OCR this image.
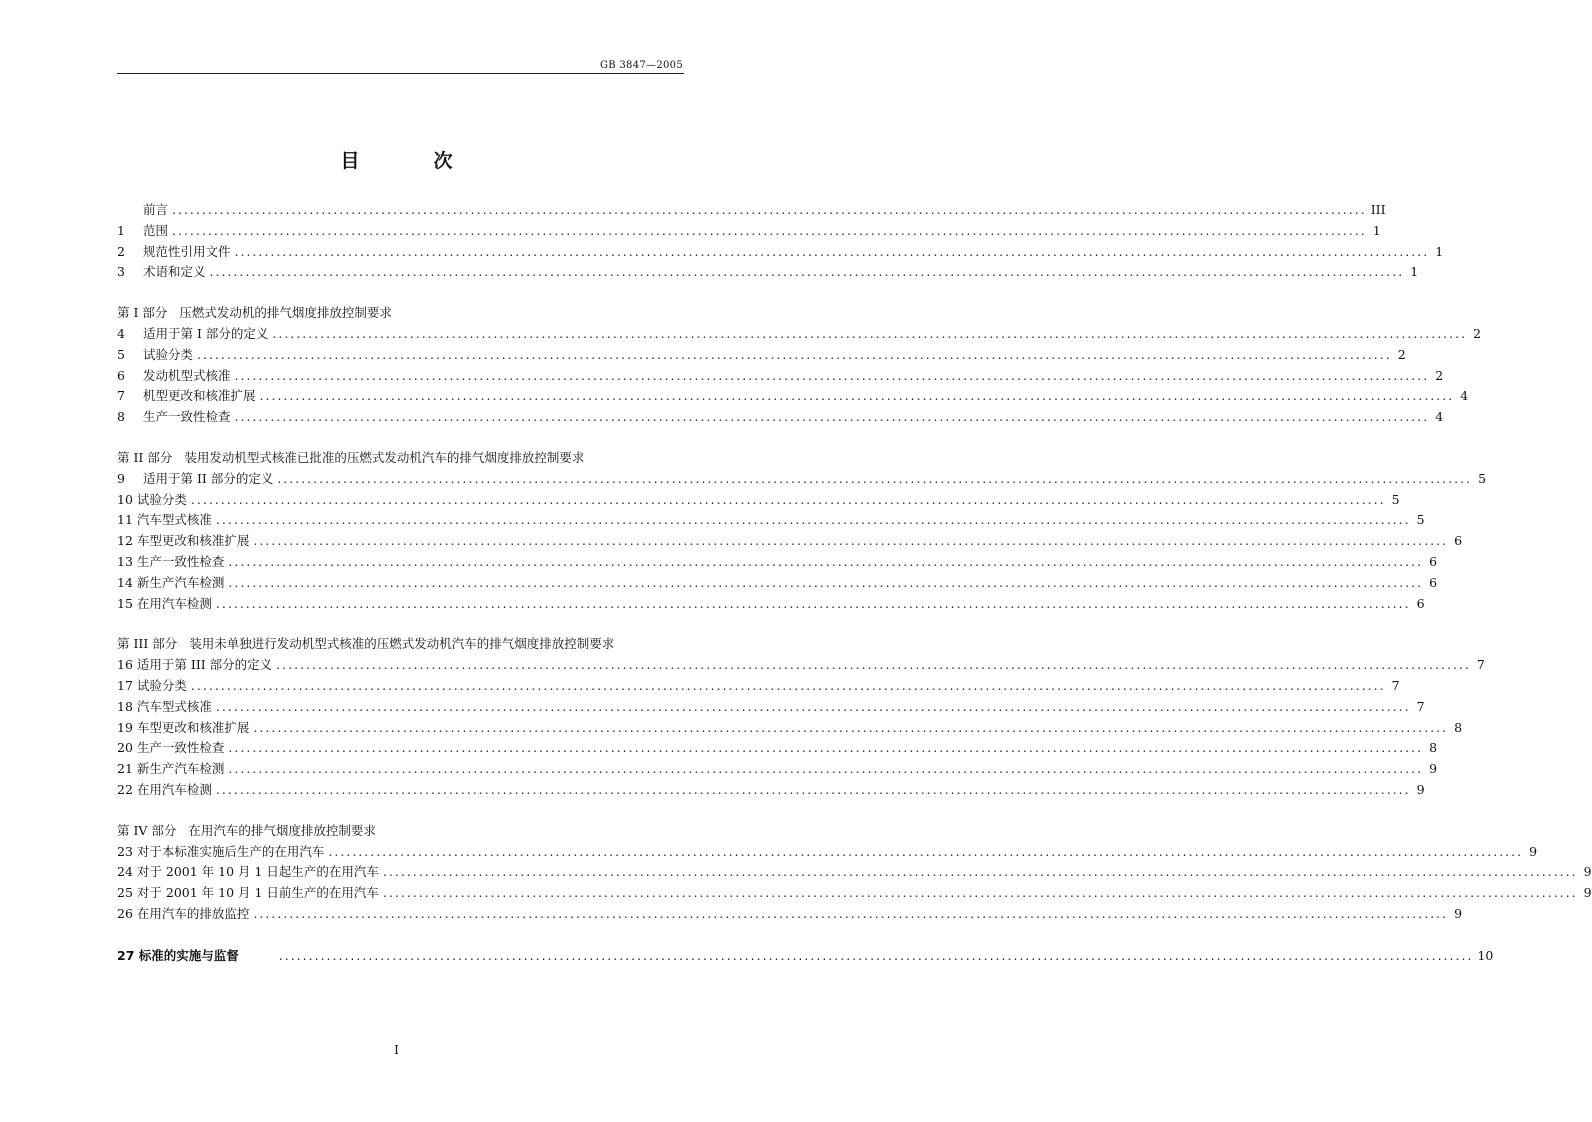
GB 3847—2005
目	次
前言 ........................................................................................................................................................................................................ III
1	范围 ........................................................................................................................................................................................................ 1
2	规范性引用文件 ........................................................................................................................................................................................................ 1
3	术语和定义 ........................................................................................................................................................................................................ 1
第 I 部分 压燃式发动机的排气烟度排放控制要求
4	适用于第 I 部分的定义 ........................................................................................................................................................................................................ 2
5	试验分类 ........................................................................................................................................................................................................ 2
6	发动机型式核准 ........................................................................................................................................................................................................ 2
7	机型更改和核准扩展 ........................................................................................................................................................................................................ 4
8	生产一致性检查 ........................................................................................................................................................................................................ 4
第 II 部分 装用发动机型式核准已批准的压燃式发动机汽车的排气烟度排放控制要求
9	适用于第 II 部分的定义 ........................................................................................................................................................................................................ 5
10 试验分类 ........................................................................................................................................................................................................ 5
11 汽车型式核准 ........................................................................................................................................................................................................ 5
12 车型更改和核准扩展 ........................................................................................................................................................................................................ 6
13 生产一致性检查 ........................................................................................................................................................................................................ 6
14 新生产汽车检测 ........................................................................................................................................................................................................ 6
15 在用汽车检测 ........................................................................................................................................................................................................ 6
第 III 部分 装用未单独进行发动机型式核准的压燃式发动机汽车的排气烟度排放控制要求
16 适用于第 III 部分的定义 ........................................................................................................................................................................................................ 7
17 试验分类 ........................................................................................................................................................................................................ 7
18 汽车型式核准 ........................................................................................................................................................................................................ 7
19 车型更改和核准扩展 ........................................................................................................................................................................................................ 8
20 生产一致性检查 ........................................................................................................................................................................................................ 8
21 新生产汽车检测 ........................................................................................................................................................................................................ 9
22 在用汽车检测 ........................................................................................................................................................................................................ 9
第 IV 部分 在用汽车的排气烟度排放控制要求
23 对于本标准实施后生产的在用汽车 ........................................................................................................................................................................................................ 9
24 对于 2001 年 10 月 1 日起生产的在用汽车 ........................................................................................................................................................................................................ 9
25 对于 2001 年 10 月 1 日前生产的在用汽车 ........................................................................................................................................................................................................ 9
26 在用汽车的排放监控 ........................................................................................................................................................................................................ 9
27 标准的实施与监督	........................................................................................................................................................................................................ 10
I
